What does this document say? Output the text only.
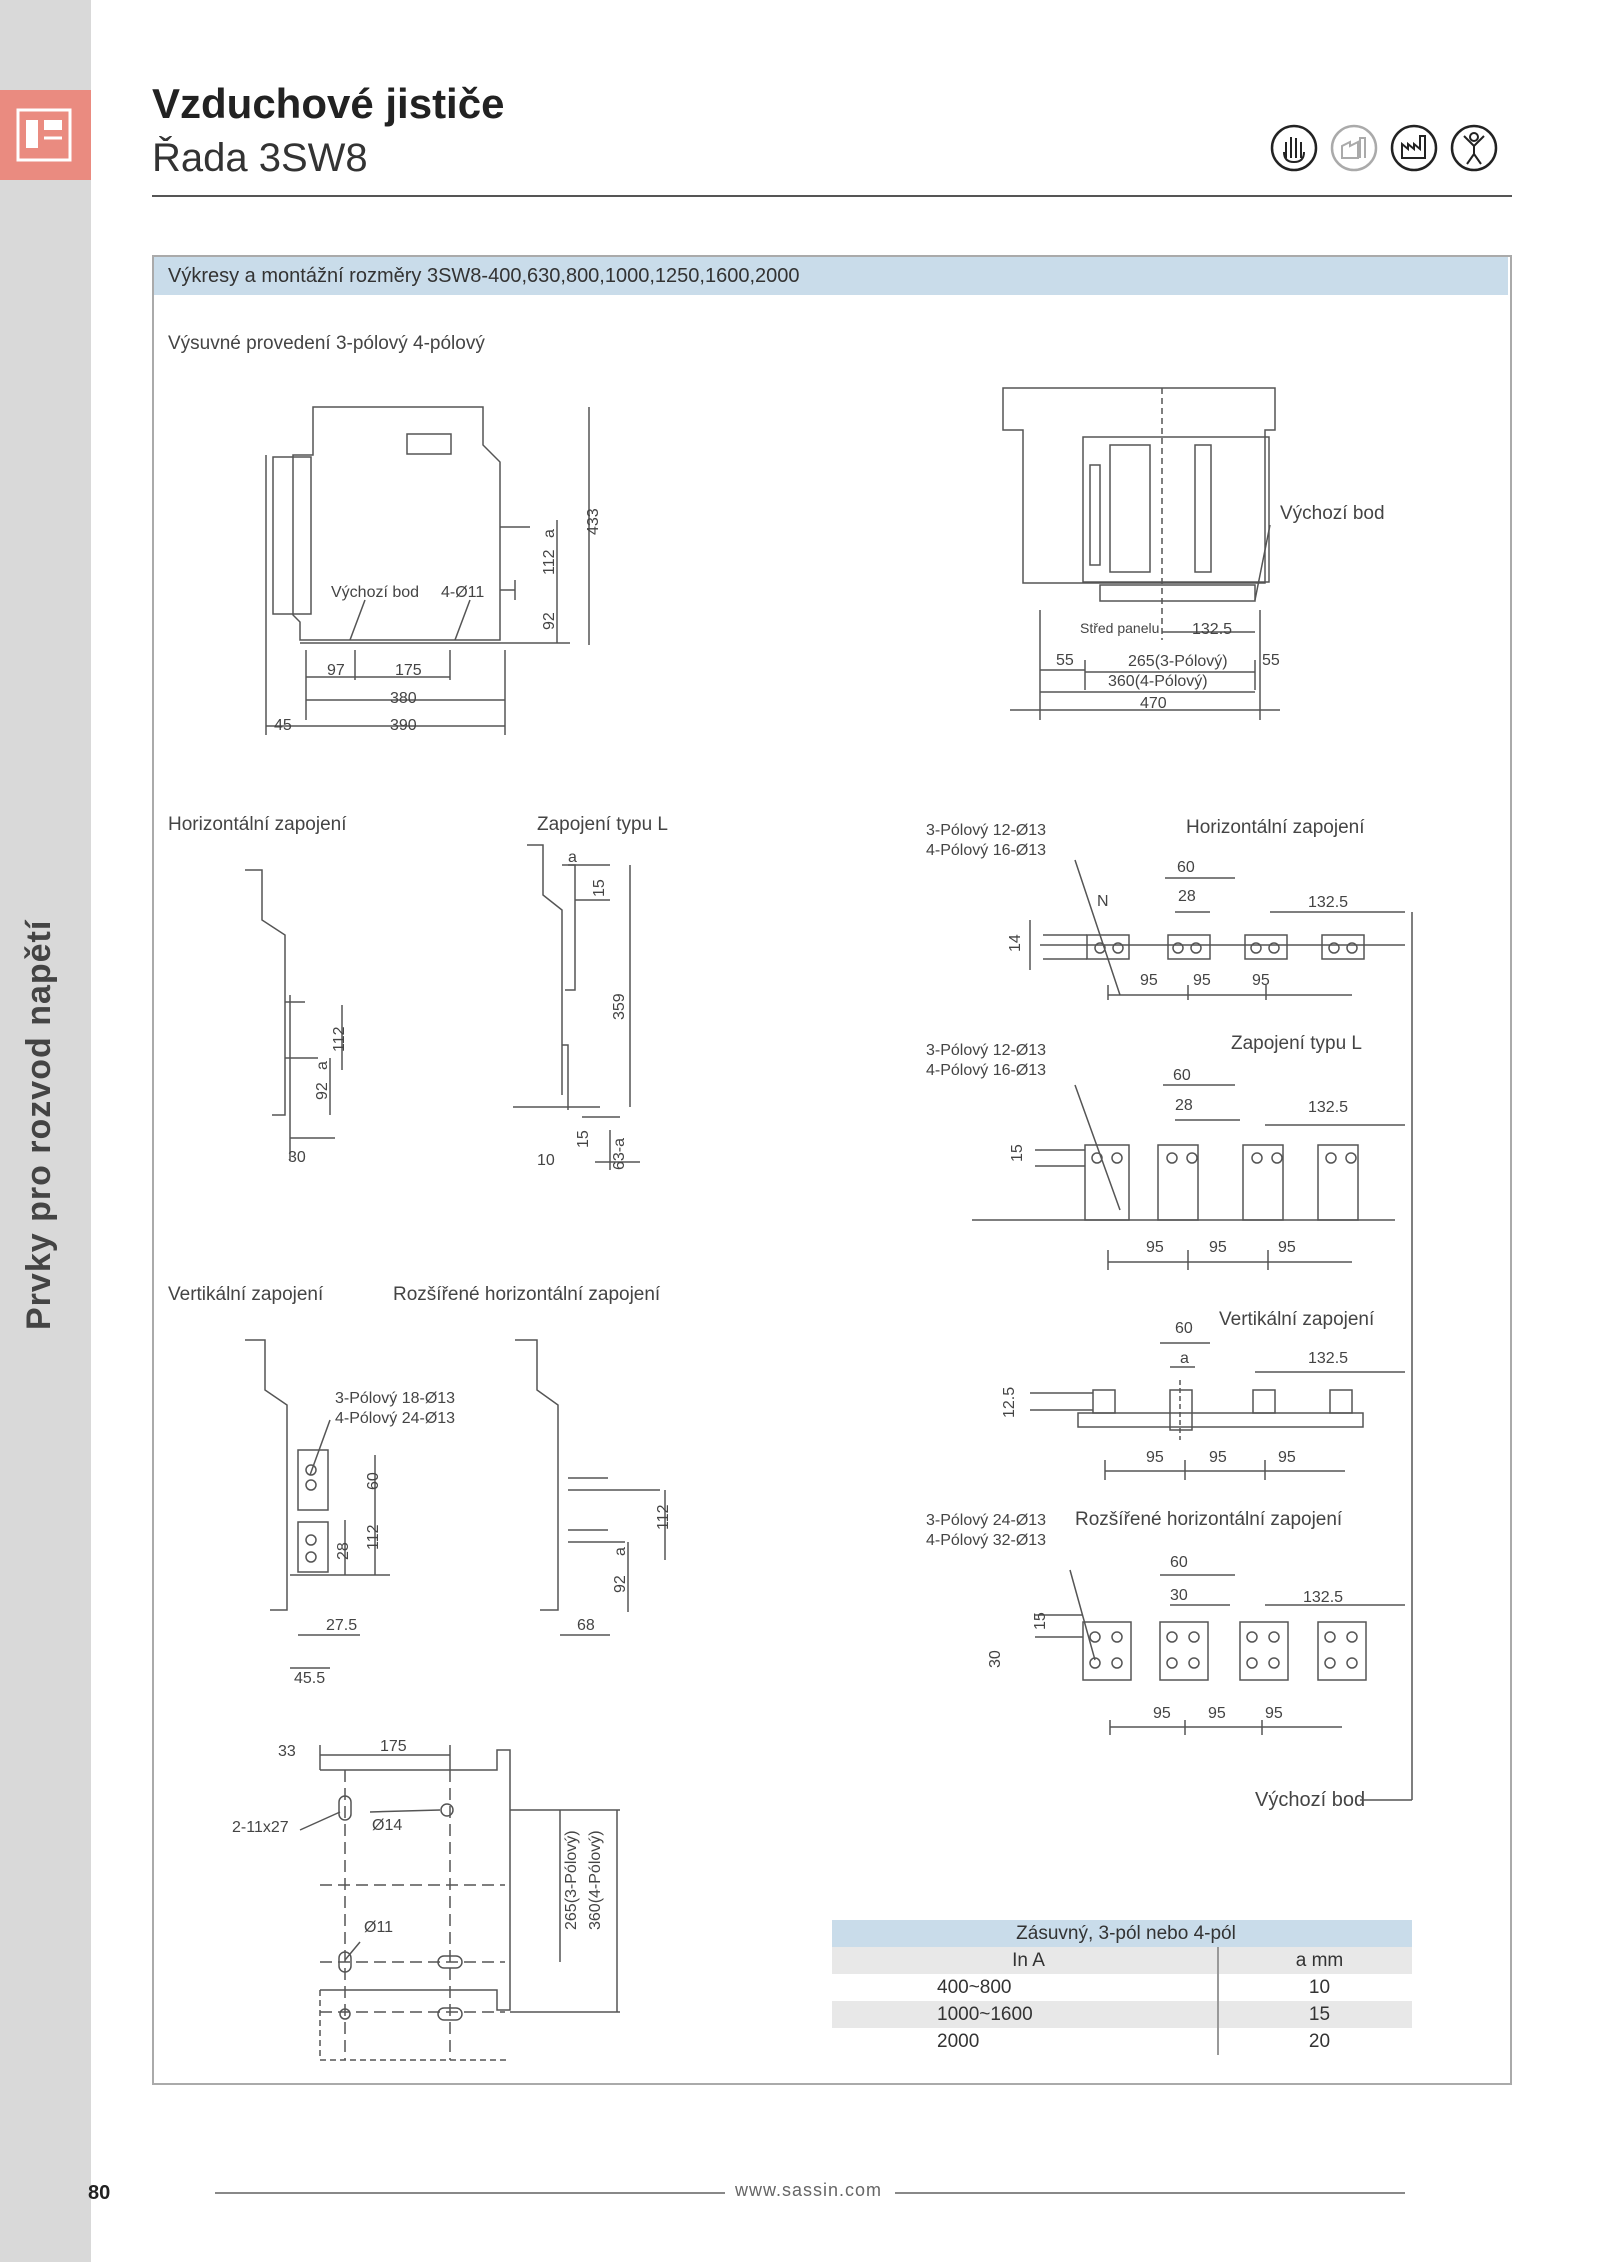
Prvky pro rozvod napětí
80
Vzduchové jističe
Řada 3SW8
Výkresy a montážní rozměry 3SW8-400,630,800,1000,1250,1600,2000
Výsuvné provedení 3-pólový 4-pólový
Horizontální zapojení	Zapojení typu L
Vertikální zapojení	Rozšířené horizontální zapojení
Horizontální zapojení
Zapojení typu L
Vertikální zapojení
Rozšířené horizontální zapojení
Výchozí bod
Výchozí bod
433
112
a
92
4-Ø11
Výchozí bod
97	175
380
45	390
Střed panelu 132.5
55	55
265(3-Pólový)
360(4-Pólový)
470
112
a
92
30
a
15
359
15 63-a
10
3-Pólový 18-Ø13
4-Pólový 24-Ø13
60
28
112
27.5
45.5
112
a
92
68
3-Pólový 12-Ø13
4-Pólový 16-Ø13
60
28
N	132.5
14
95 95	95
3-Pólový 12-Ø13
4-Pólový 16-Ø13	60
28	132.5
15
95	95	95
60
a	132.5
12.5
95	95	95
3-Pólový 24-Ø13
4-Pólový 32-Ø13
60
30	132.5
15
30
95 95 95
33	175
2-11x27	Ø14
Ø11	265(3-Pólový) 360(4-Pólový)
Zásuvný, 3-pól nebo 4-pól	
In A	a mm
400~800	10
1000~1600	15
2000	20
www.sassin.com
